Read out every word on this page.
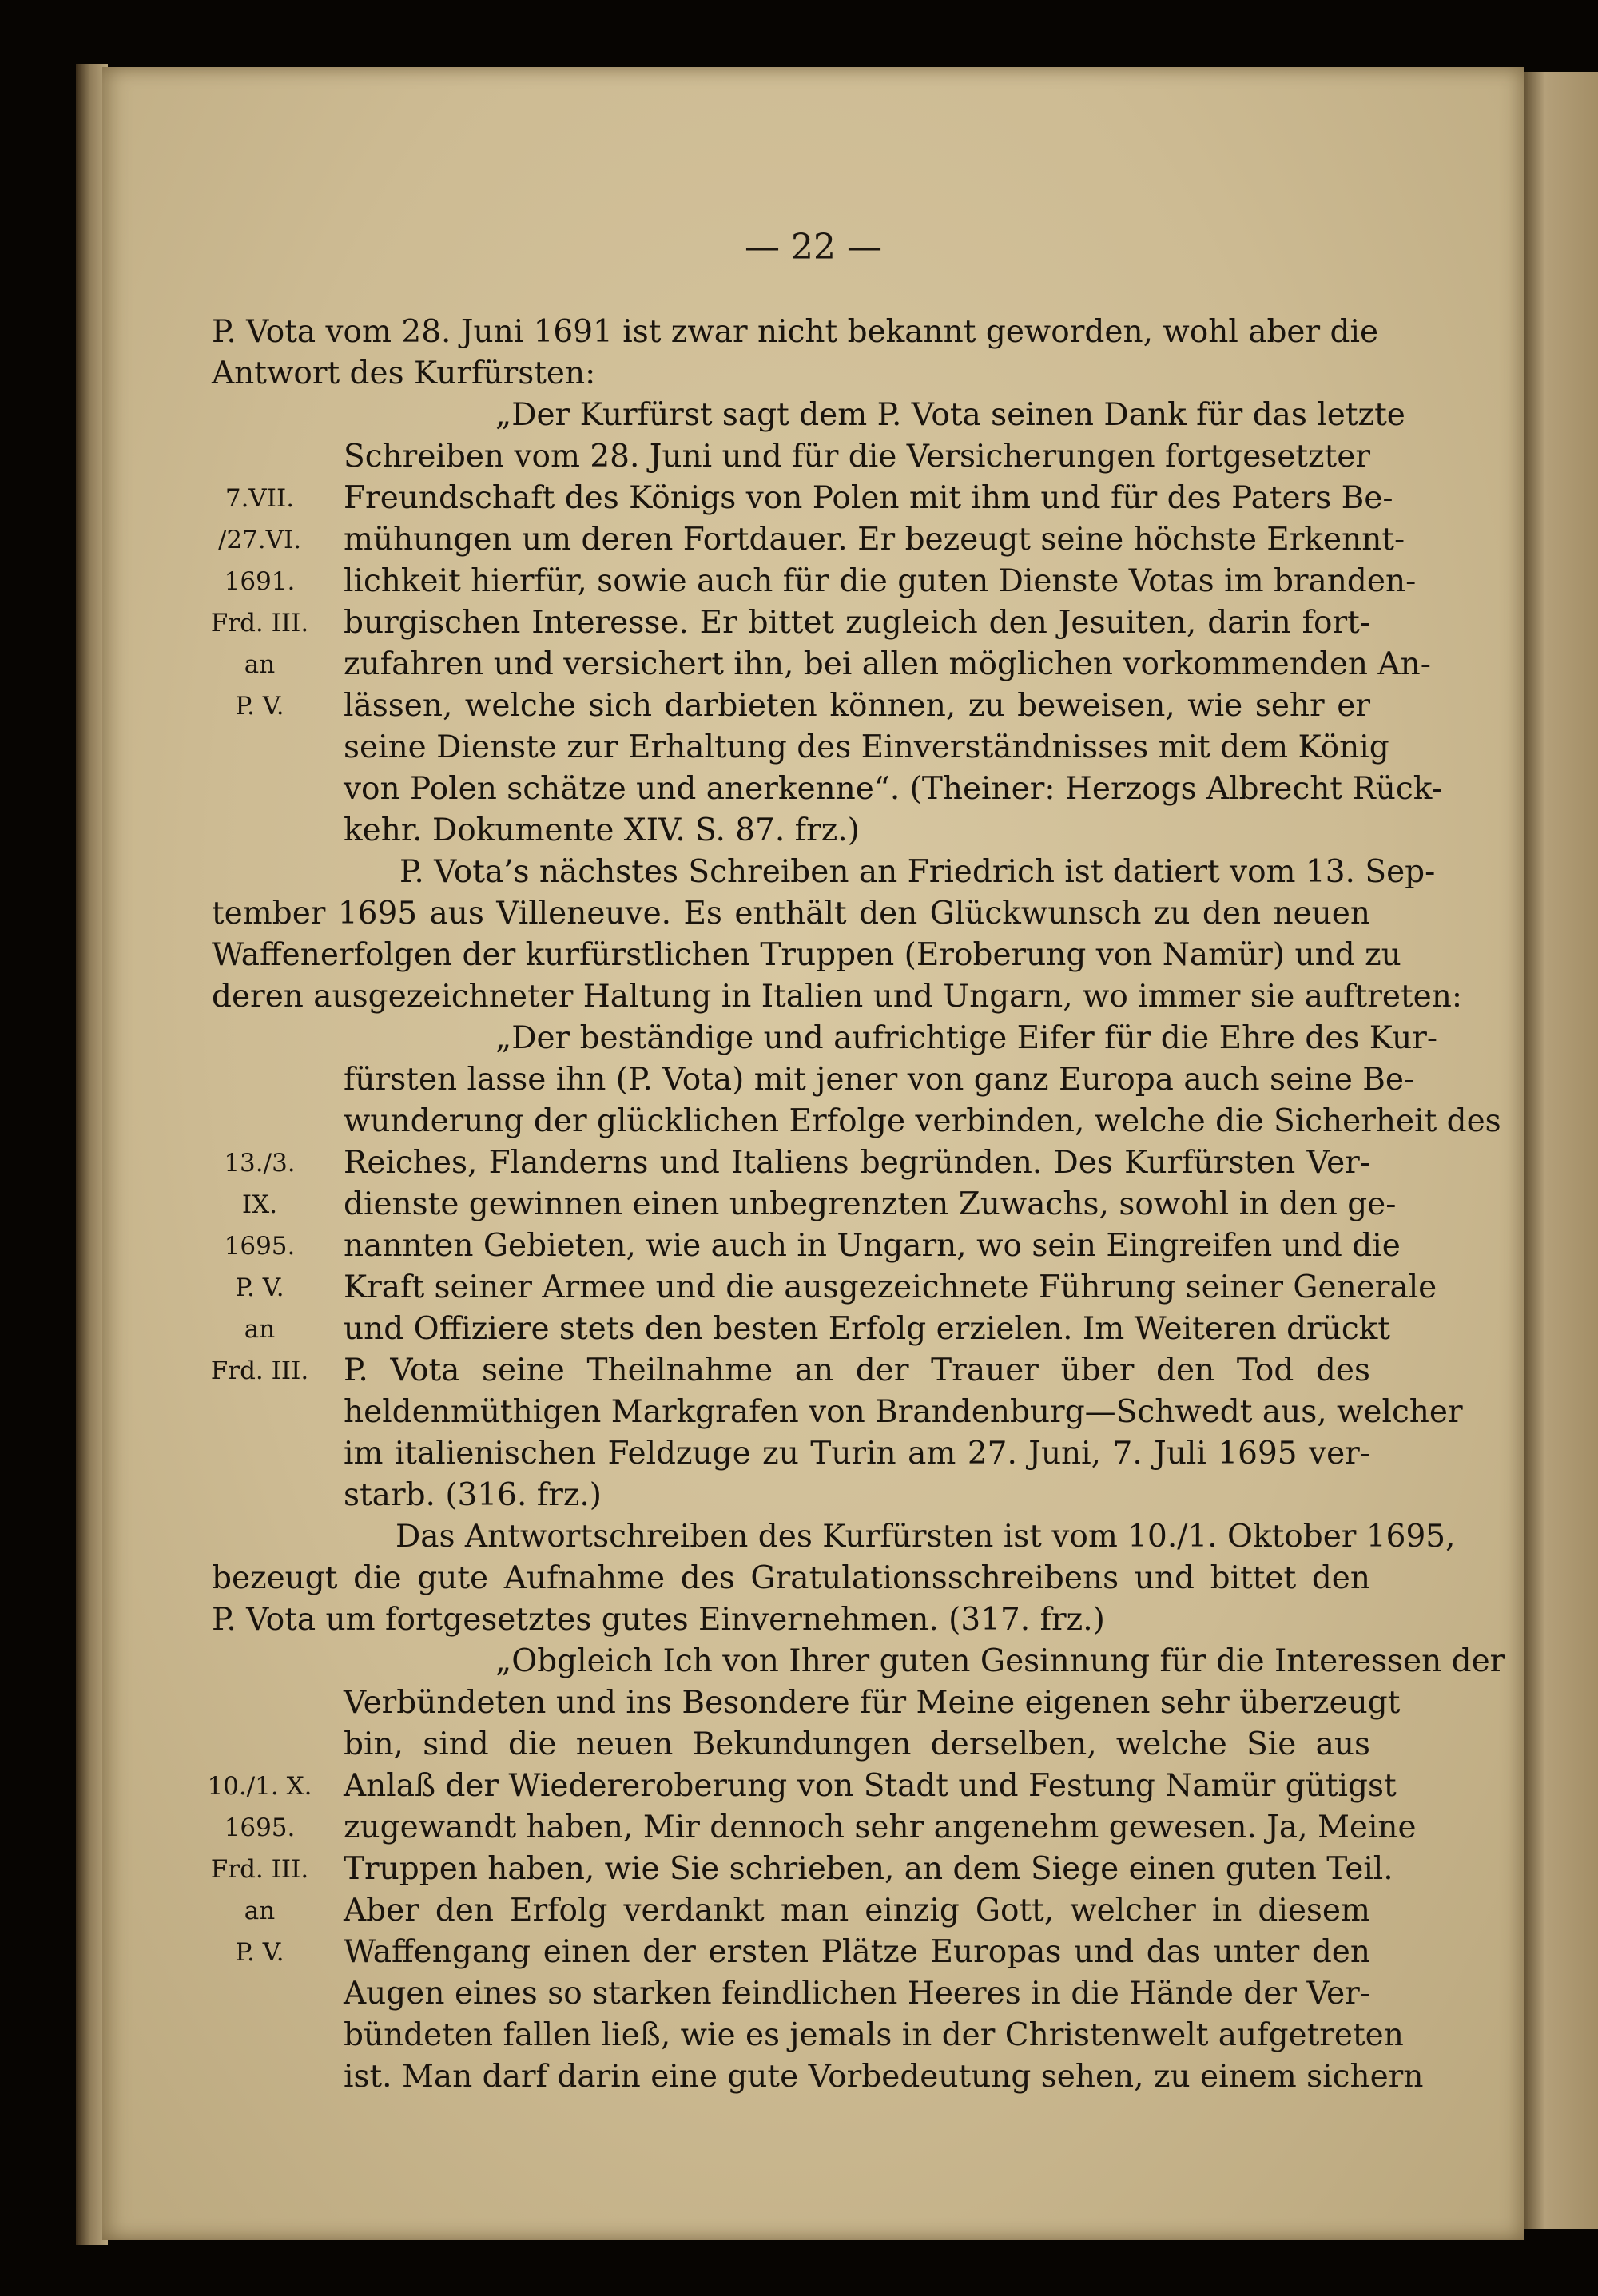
— 22 —
P. Vota vom 28. Juni 1691 ist zwar nicht bekannt geworden, wohl aber die
Antwort des Kurfürsten:
„Der Kurfürst sagt dem P. Vota seinen Dank für das letzte
Schreiben vom 28. Juni und für die Versicherungen fortgesetzter
Freundschaft des Königs von Polen mit ihm und für des Paters Be-
mühungen um deren Fortdauer. Er bezeugt seine höchste Erkennt-
lichkeit hierfür, sowie auch für die guten Dienste Votas im branden-
burgischen Interesse. Er bittet zugleich den Jesuiten, darin fort-
zufahren und versichert ihn, bei allen möglichen vorkommenden An-
lässen, welche sich darbieten können, zu beweisen, wie sehr er
seine Dienste zur Erhaltung des Einverständnisses mit dem König
von Polen schätze und anerkenne“. (Theiner: Herzogs Albrecht Rück-
kehr. Dokumente XIV. S. 87. frz.)
P. Vota’s nächstes Schreiben an Friedrich ist datiert vom 13. Sep-
tember 1695 aus Villeneuve. Es enthält den Glückwunsch zu den neuen
Waffenerfolgen der kurfürstlichen Truppen (Eroberung von Namür) und zu
deren ausgezeichneter Haltung in Italien und Ungarn, wo immer sie auftreten:
„Der beständige und aufrichtige Eifer für die Ehre des Kur-
fürsten lasse ihn (P. Vota) mit jener von ganz Europa auch seine Be-
wunderung der glücklichen Erfolge verbinden, welche die Sicherheit des
Reiches, Flanderns und Italiens begründen. Des Kurfürsten Ver-
dienste gewinnen einen unbegrenzten Zuwachs, sowohl in den ge-
nannten Gebieten, wie auch in Ungarn, wo sein Eingreifen und die
Kraft seiner Armee und die ausgezeichnete Führung seiner Generale
und Offiziere stets den besten Erfolg erzielen. Im Weiteren drückt
P. Vota seine Theilnahme an der Trauer über den Tod des
heldenmüthigen Markgrafen von Brandenburg—Schwedt aus, welcher
im italienischen Feldzuge zu Turin am 27. Juni, 7. Juli 1695 ver-
starb. (316. frz.)
Das Antwortschreiben des Kurfürsten ist vom 10./1. Oktober 1695,
bezeugt die gute Aufnahme des Gratulationsschreibens und bittet den
P. Vota um fortgesetztes gutes Einvernehmen. (317. frz.)
„Obgleich Ich von Ihrer guten Gesinnung für die Interessen der
Verbündeten und ins Besondere für Meine eigenen sehr überzeugt
bin, sind die neuen Bekundungen derselben, welche Sie aus
Anlaß der Wiedereroberung von Stadt und Festung Namür gütigst
zugewandt haben, Mir dennoch sehr angenehm gewesen. Ja, Meine
Truppen haben, wie Sie schrieben, an dem Siege einen guten Teil.
Aber den Erfolg verdankt man einzig Gott, welcher in diesem
Waffengang einen der ersten Plätze Europas und das unter den
Augen eines so starken feindlichen Heeres in die Hände der Ver-
bündeten fallen ließ, wie es jemals in der Christenwelt aufgetreten
ist. Man darf darin eine gute Vorbedeutung sehen, zu einem sichern
7.VII.
/27.VI.
1691.
Frd. III.
an
P. V.
13./3.
IX.
1695.
P. V.
an
Frd. III.
10./1. X.
1695.
Frd. III.
an
P. V.
